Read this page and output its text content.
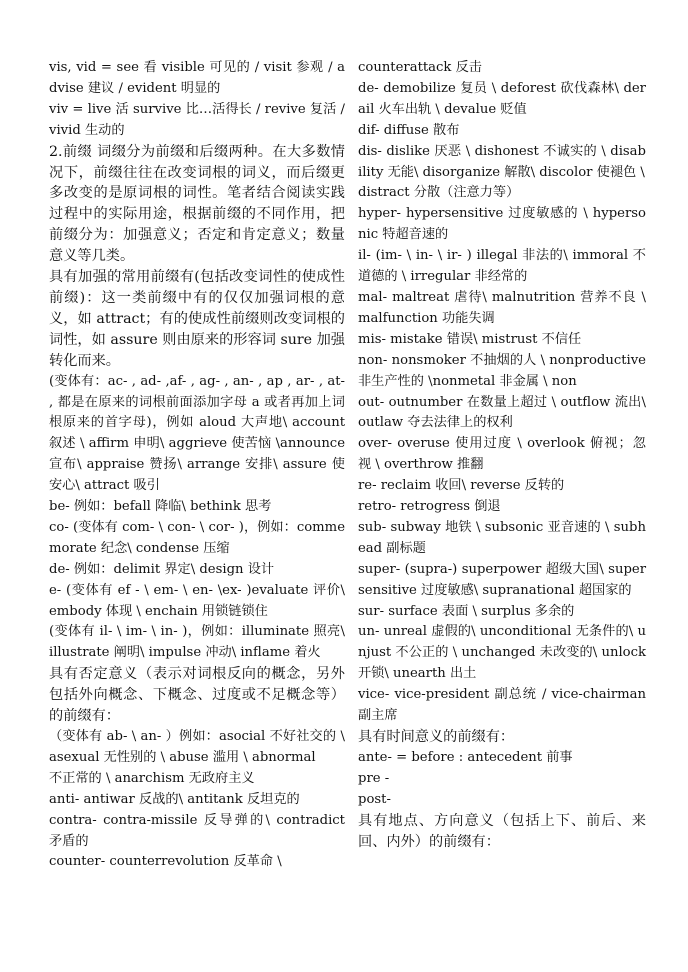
vis, vid = see 看 visible 可见的 / visit 参观 / advise 建议 / evident 明显的

viv = live 活 survive 比…活得长 / revive 复活 / vivid 生动的

2.前缀 词缀分为前缀和后缀两种。在大多数情况下，前缀往往在改变词根的词义，而后缀更多改变的是原词根的词性。笔者结合阅读实践过程中的实际用途，根据前缀的不同作用，把前缀分为：加强意义；否定和肯定意义；数量意义等几类。

具有加强的常用前缀有(包括改变词性的使成性前缀)：这一类前缀中有的仅仅加强词根的意义，如 attract；有的使成性前缀则改变词根的词性，如 assure 则由原来的形容词 sure 加强转化而来。

(变体有：ac- , ad- ,af- , ag- , an- , ap , ar- , at- , 都是在原来的词根前面添加字母 a 或者再加上词根原来的首字母)，例如 aloud 大声地\ account 叙述 \ affirm 申明\ aggrieve 使苦恼 \announce 宣布\ appraise 赞扬\ arrange 安排\ assure 使安心\ attract 吸引

be- 例如：befall 降临\ bethink 思考

co- (变体有 com- \ con- \ cor- )，例如：commemorate 纪念\ condense 压缩

de- 例如：delimit 界定\ design 设计

e- (变体有 ef - \ em- \ en- \ex- )evaluate 评价\ embody 体现 \ enchain 用锁链锁住

(变体有 il- \ im- \ in- )，例如：illuminate 照亮\ illustrate 阐明\ impulse 冲动\ inflame 着火

具有否定意义（表示对词根反向的概念，另外包括外向概念、下概念、过度或不足概念等）的前缀有：

（变体有 ab- \ an- ）例如：asocial 不好社交的 \ asexual 无性别的 \ abuse 滥用 \ abnormal

不正常的 \ anarchism 无政府主义

anti- antiwar 反战的\ antitank 反坦克的

contra- contra-missile 反导弹的\ contradict 矛盾的

counter- counterrevolution 反革命 \

counterattack 反击

de- demobilize 复员 \ deforest 砍伐森林\ derail 火车出轨 \ devalue 贬值

dif- diffuse 散布

dis- dislike 厌恶 \ dishonest 不诚实的 \ disability 无能\ disorganize 解散\ discolor 使褪色 \

distract 分散（注意力等）

hyper- hypersensitive 过度敏感的 \ hypersonic 特超音速的

il- (im- \ in- \ ir- ) illegal 非法的\ immoral 不道德的 \ irregular 非经常的

mal- maltreat 虐待\ malnutrition 营养不良 \ malfunction 功能失调

mis- mistake 错误\ mistrust 不信任

non- nonsmoker 不抽烟的人 \ nonproductive 非生产性的 \nonmetal 非金属 \ non

out- outnumber 在数量上超过 \ outflow 流出\ outlaw 夺去法律上的权利

over- overuse 使用过度 \ overlook 俯视；忽视 \ overthrow 推翻

re- reclaim 收回\ reverse 反转的

retro- retrogress 倒退

sub- subway 地铁 \ subsonic 亚音速的 \ subhead 副标题

super- (supra-) superpower 超级大国\ supersensitive 过度敏感\ supranational 超国家的

sur- surface 表面 \ surplus 多余的

un- unreal 虚假的\ unconditional 无条件的\ unjust 不公正的 \ unchanged 未改变的\ unlock 开锁\ unearth 出土

vice- vice-president 副总统 / vice-chairman 副主席

具有时间意义的前缀有：

ante- = before : antecedent 前事

pre -

post-

具有地点、方向意义（包括上下、前后、来回、内外）的前缀有：
